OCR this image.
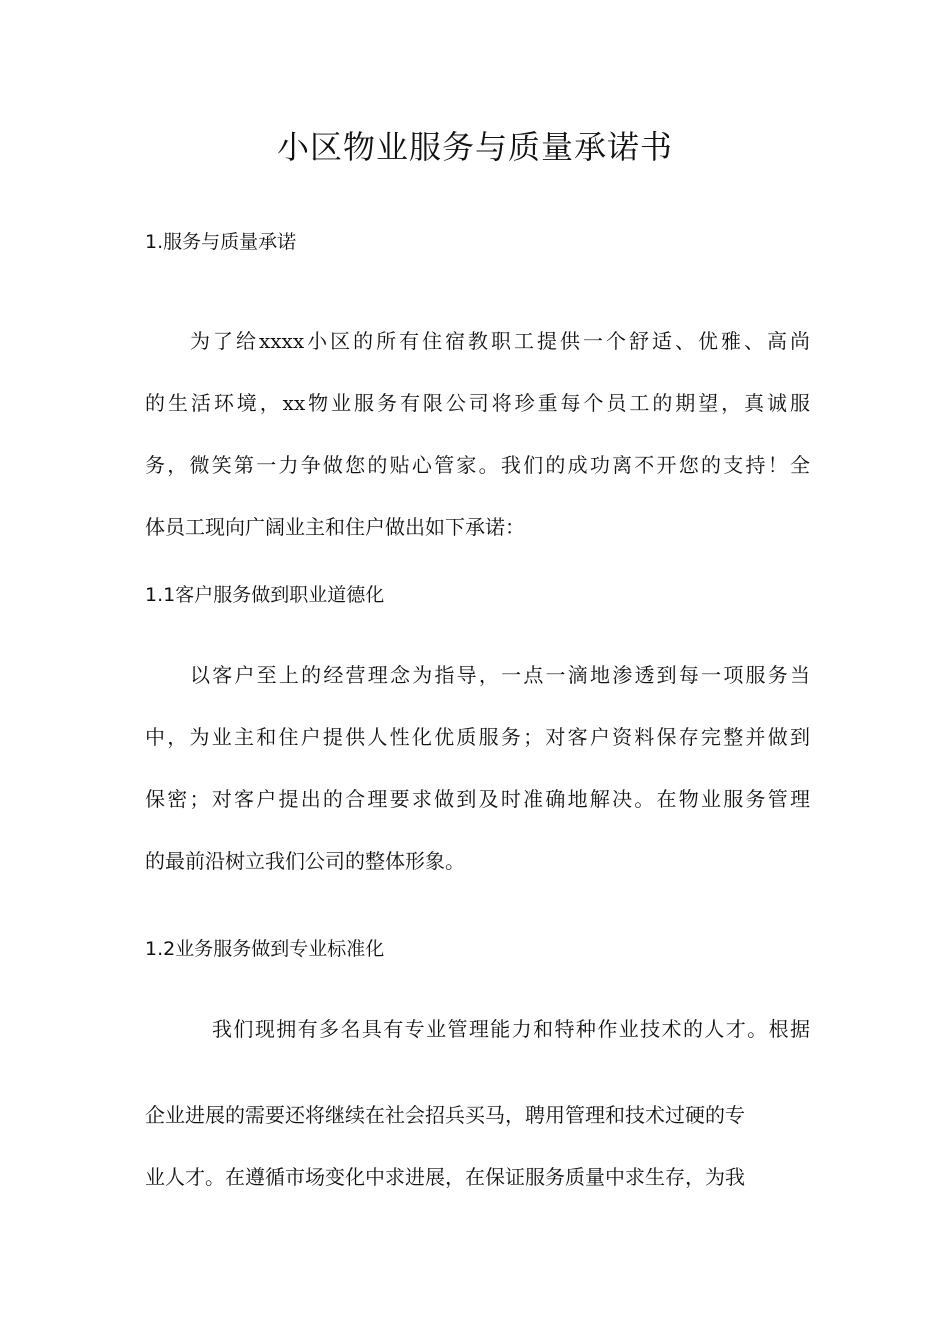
小区物业服务与质量承诺书
1.服务与质量承诺
为了给xxxx小区的所有住宿教职工提供一个舒适、优雅、高尚
的生活环境，xx物业服务有限公司将珍重每个员工的期望，真诚服
务，微笑第一力争做您的贴心管家。我们的成功离不开您的支持！全
体员工现向广阔业主和住户做出如下承诺：
1.1客户服务做到职业道德化
以客户至上的经营理念为指导，一点一滴地渗透到每一项服务当
中，为业主和住户提供人性化优质服务；对客户资料保存完整并做到
保密；对客户提出的合理要求做到及时准确地解决。在物业服务管理
的最前沿树立我们公司的整体形象。
1.2业务服务做到专业标准化
我们现拥有多名具有专业管理能力和特种作业技术的人才。根据
企业进展的需要还将继续在社会招兵买马，聘用管理和技术过硬的专
业人才。在遵循市场变化中求进展，在保证服务质量中求生存，为我
